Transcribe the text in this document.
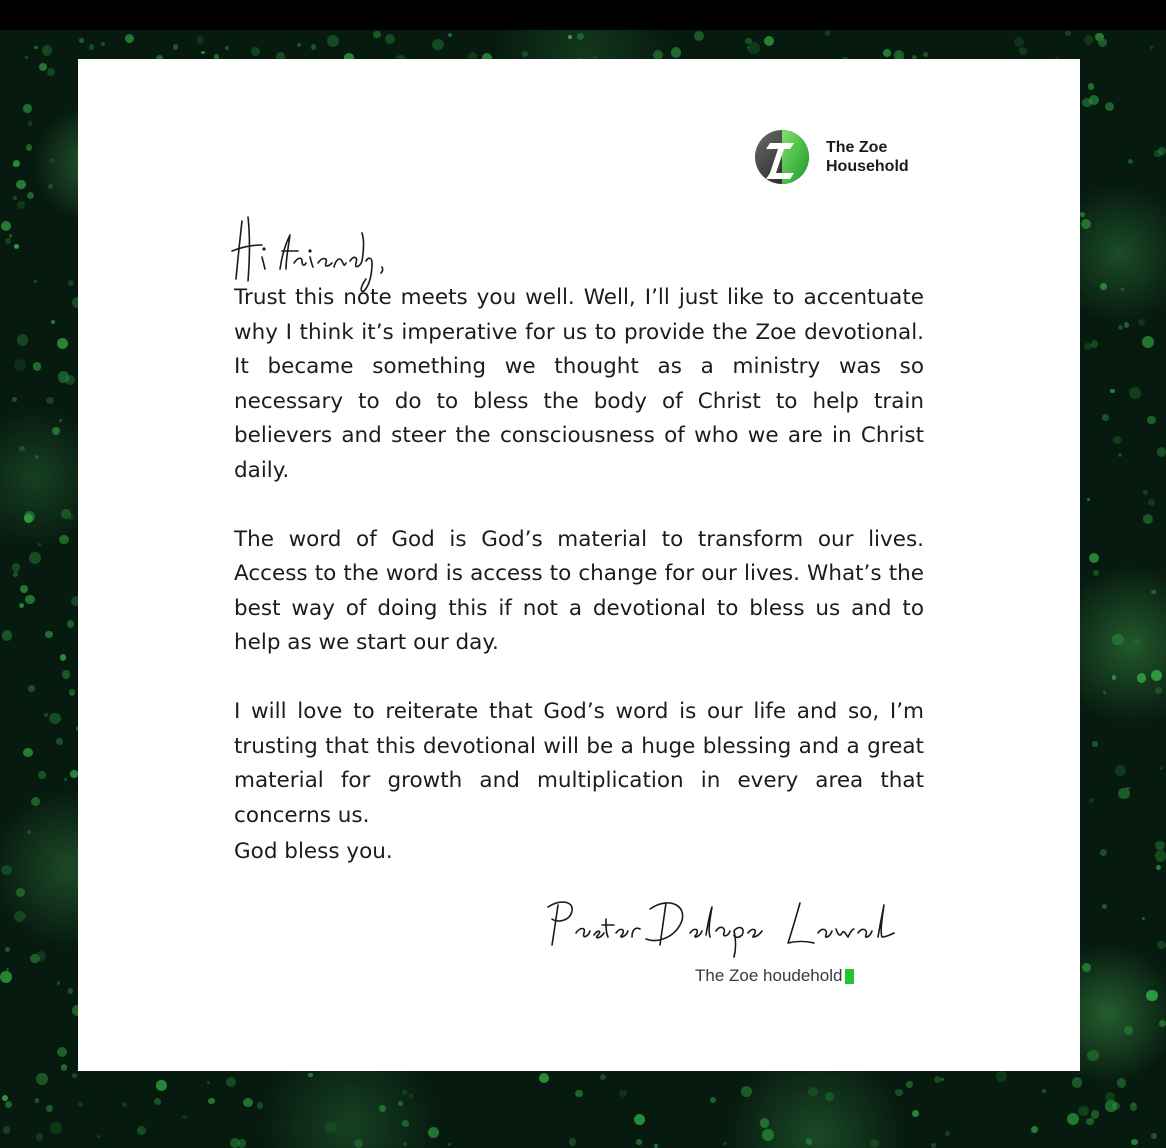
The Zoe
Household

Trust this note meets you well. Well, I’ll just like to accentuate why I think it’s imperative for us to provide the Zoe devotional. It became something we thought as a ministry was so necessary to do to bless the body of Christ to help train believers and steer the consciousness of who we are in Christ daily.

The word of God is God’s material to transform our lives. Access to the word is access to change for our lives. What’s the best way of doing this if not a devotional to bless us and to help as we start our day.

I will love to reiterate that God’s word is our life and so, I’m trusting that this devotional will be a huge blessing and a great material for growth and multiplication in every area that concerns us.

God bless you.
The Zoe houdehold
